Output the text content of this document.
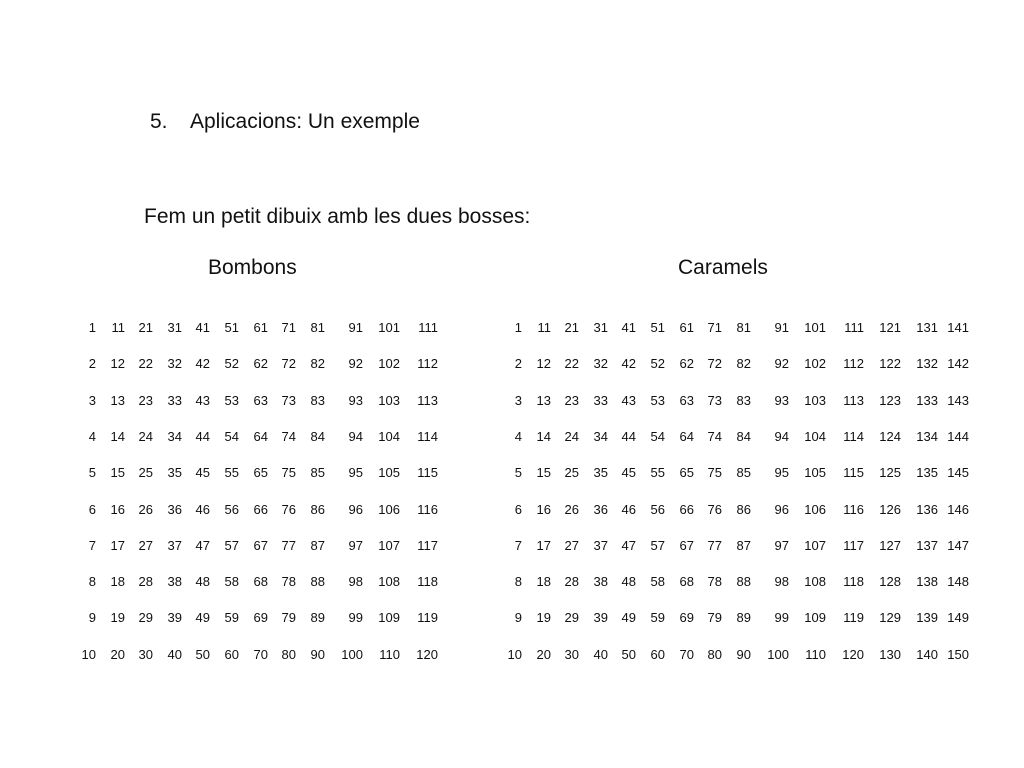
5. Aplicacions: Un exemple
Fem un petit dibuix amb les dues bosses:
Bombons	Caramels
1
2
3
4
5
6
7
8
9
10
11
12
13
14
15
16
17
18
19
20
21
22
23
24
25
26
27
28
29
30
31
32
33
34
35
36
37
38
39
40
41
42
43
44
45
46
47
48
49
50
51
52
53
54
55
56
57
58
59
60
61
62
63
64
65
66
67
68
69
70
71
72
73
74
75
76
77
78
79
80
81
82
83
84
85
86
87
88
89
90
91
92
93
94
95
96
97
98
99
100
101
102
103
104
105
106
107
108
109
110
111
112
113
114
115
116
117
118
119
120
1
2
3
4
5
6
7
8
9
10
11
12
13
14
15
16
17
18
19
20
21
22
23
24
25
26
27
28
29
30
31
32
33
34
35
36
37
38
39
40
41
42
43
44
45
46
47
48
49
50
51
52
53
54
55
56
57
58
59
60
61
62
63
64
65
66
67
68
69
70
71
72
73
74
75
76
77
78
79
80
81
82
83
84
85
86
87
88
89
90
91
92
93
94
95
96
97
98
99
100
101
102
103
104
105
106
107
108
109
110
111
112
113
114
115
116
117
118
119
120
121
122
123
124
125
126
127
128
129
130
131
132
133
134
135
136
137
138
139
140
141
142
143
144
145
146
147
148
149
150
